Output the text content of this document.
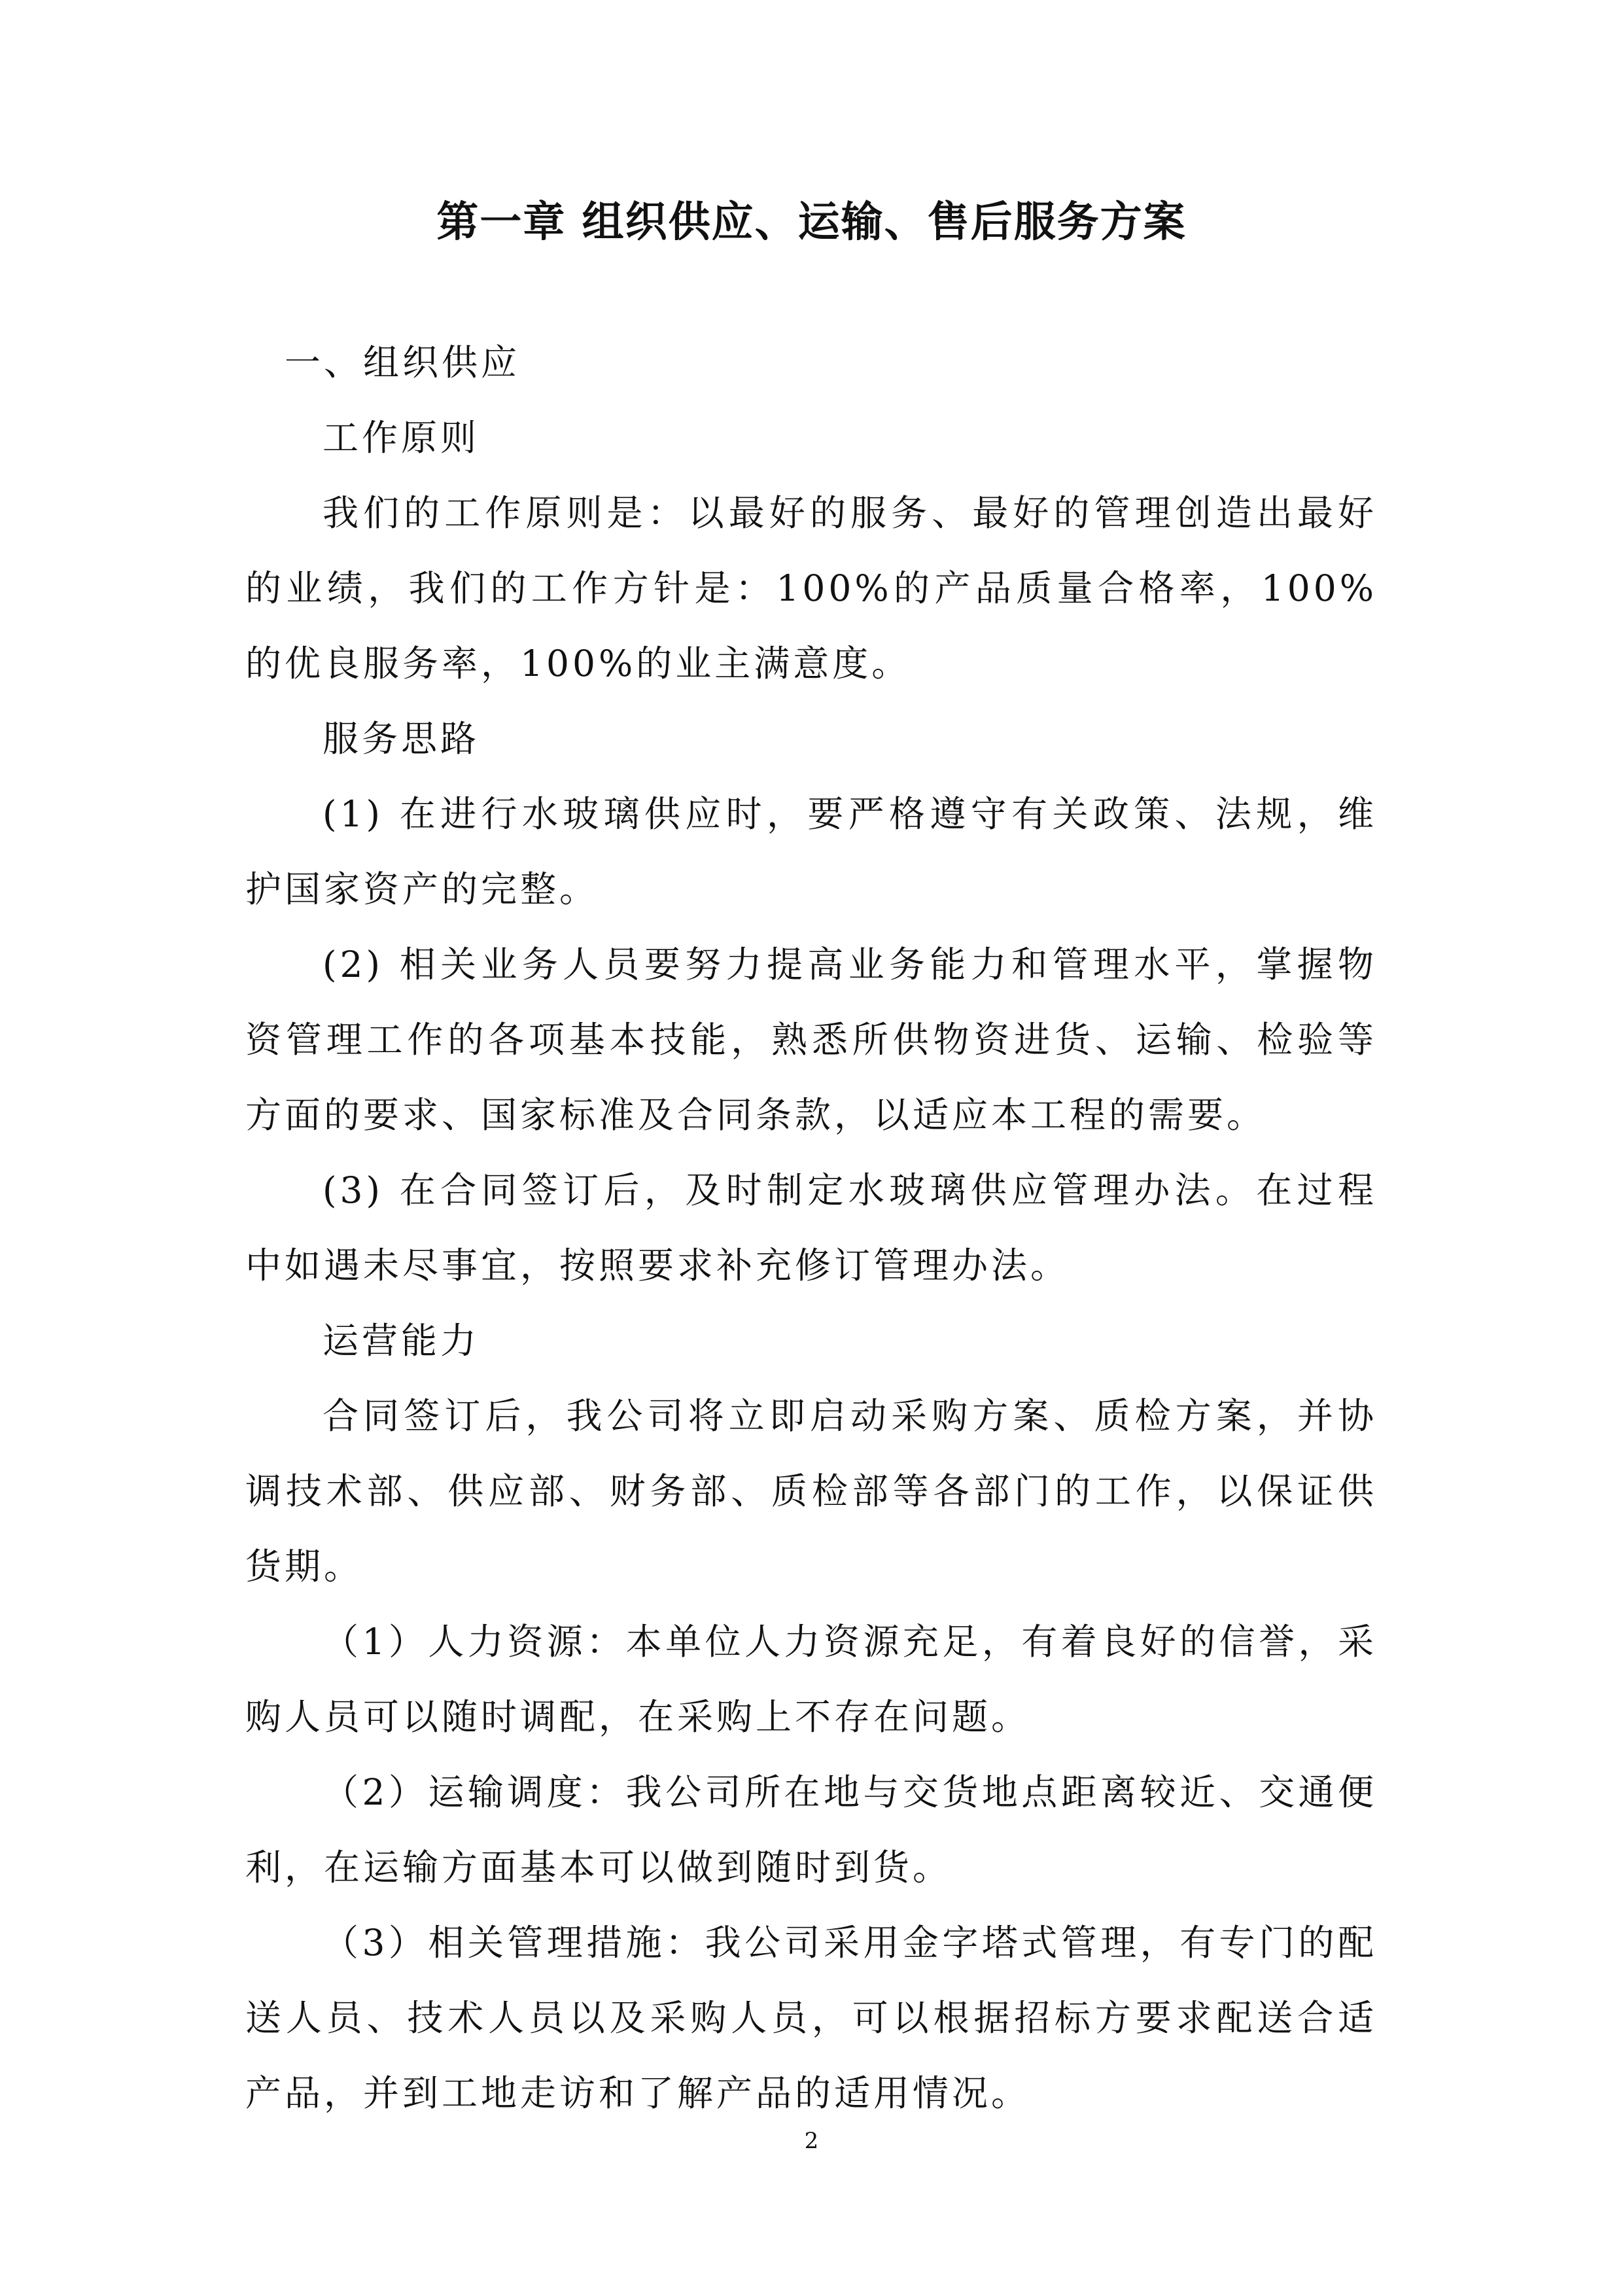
第一章 组织供应、运输、售后服务方案

一、组织供应

工作原则

我们的工作原则是：以最好的服务、最好的管理创造出最好的业绩，我们的工作方针是：100%的产品质量合格率，100%的优良服务率，100%的业主满意度。

服务思路

(1) 在进行水玻璃供应时，要严格遵守有关政策、法规，维护国家资产的完整。

(2) 相关业务人员要努力提高业务能力和管理水平，掌握物资管理工作的各项基本技能，熟悉所供物资进货、运输、检验等方面的要求、国家标准及合同条款，以适应本工程的需要。

(3) 在合同签订后，及时制定水玻璃供应管理办法。在过程中如遇未尽事宜，按照要求补充修订管理办法。

运营能力

合同签订后，我公司将立即启动采购方案、质检方案，并协调技术部、供应部、财务部、质检部等各部门的工作，以保证供货期。

（1）人力资源：本单位人力资源充足，有着良好的信誉，采购人员可以随时调配，在采购上不存在问题。

（2）运输调度：我公司所在地与交货地点距离较近、交通便利，在运输方面基本可以做到随时到货。

（3）相关管理措施：我公司采用金字塔式管理，有专门的配送人员、技术人员以及采购人员，可以根据招标方要求配送合适产品，并到工地走访和了解产品的适用情况。

2
